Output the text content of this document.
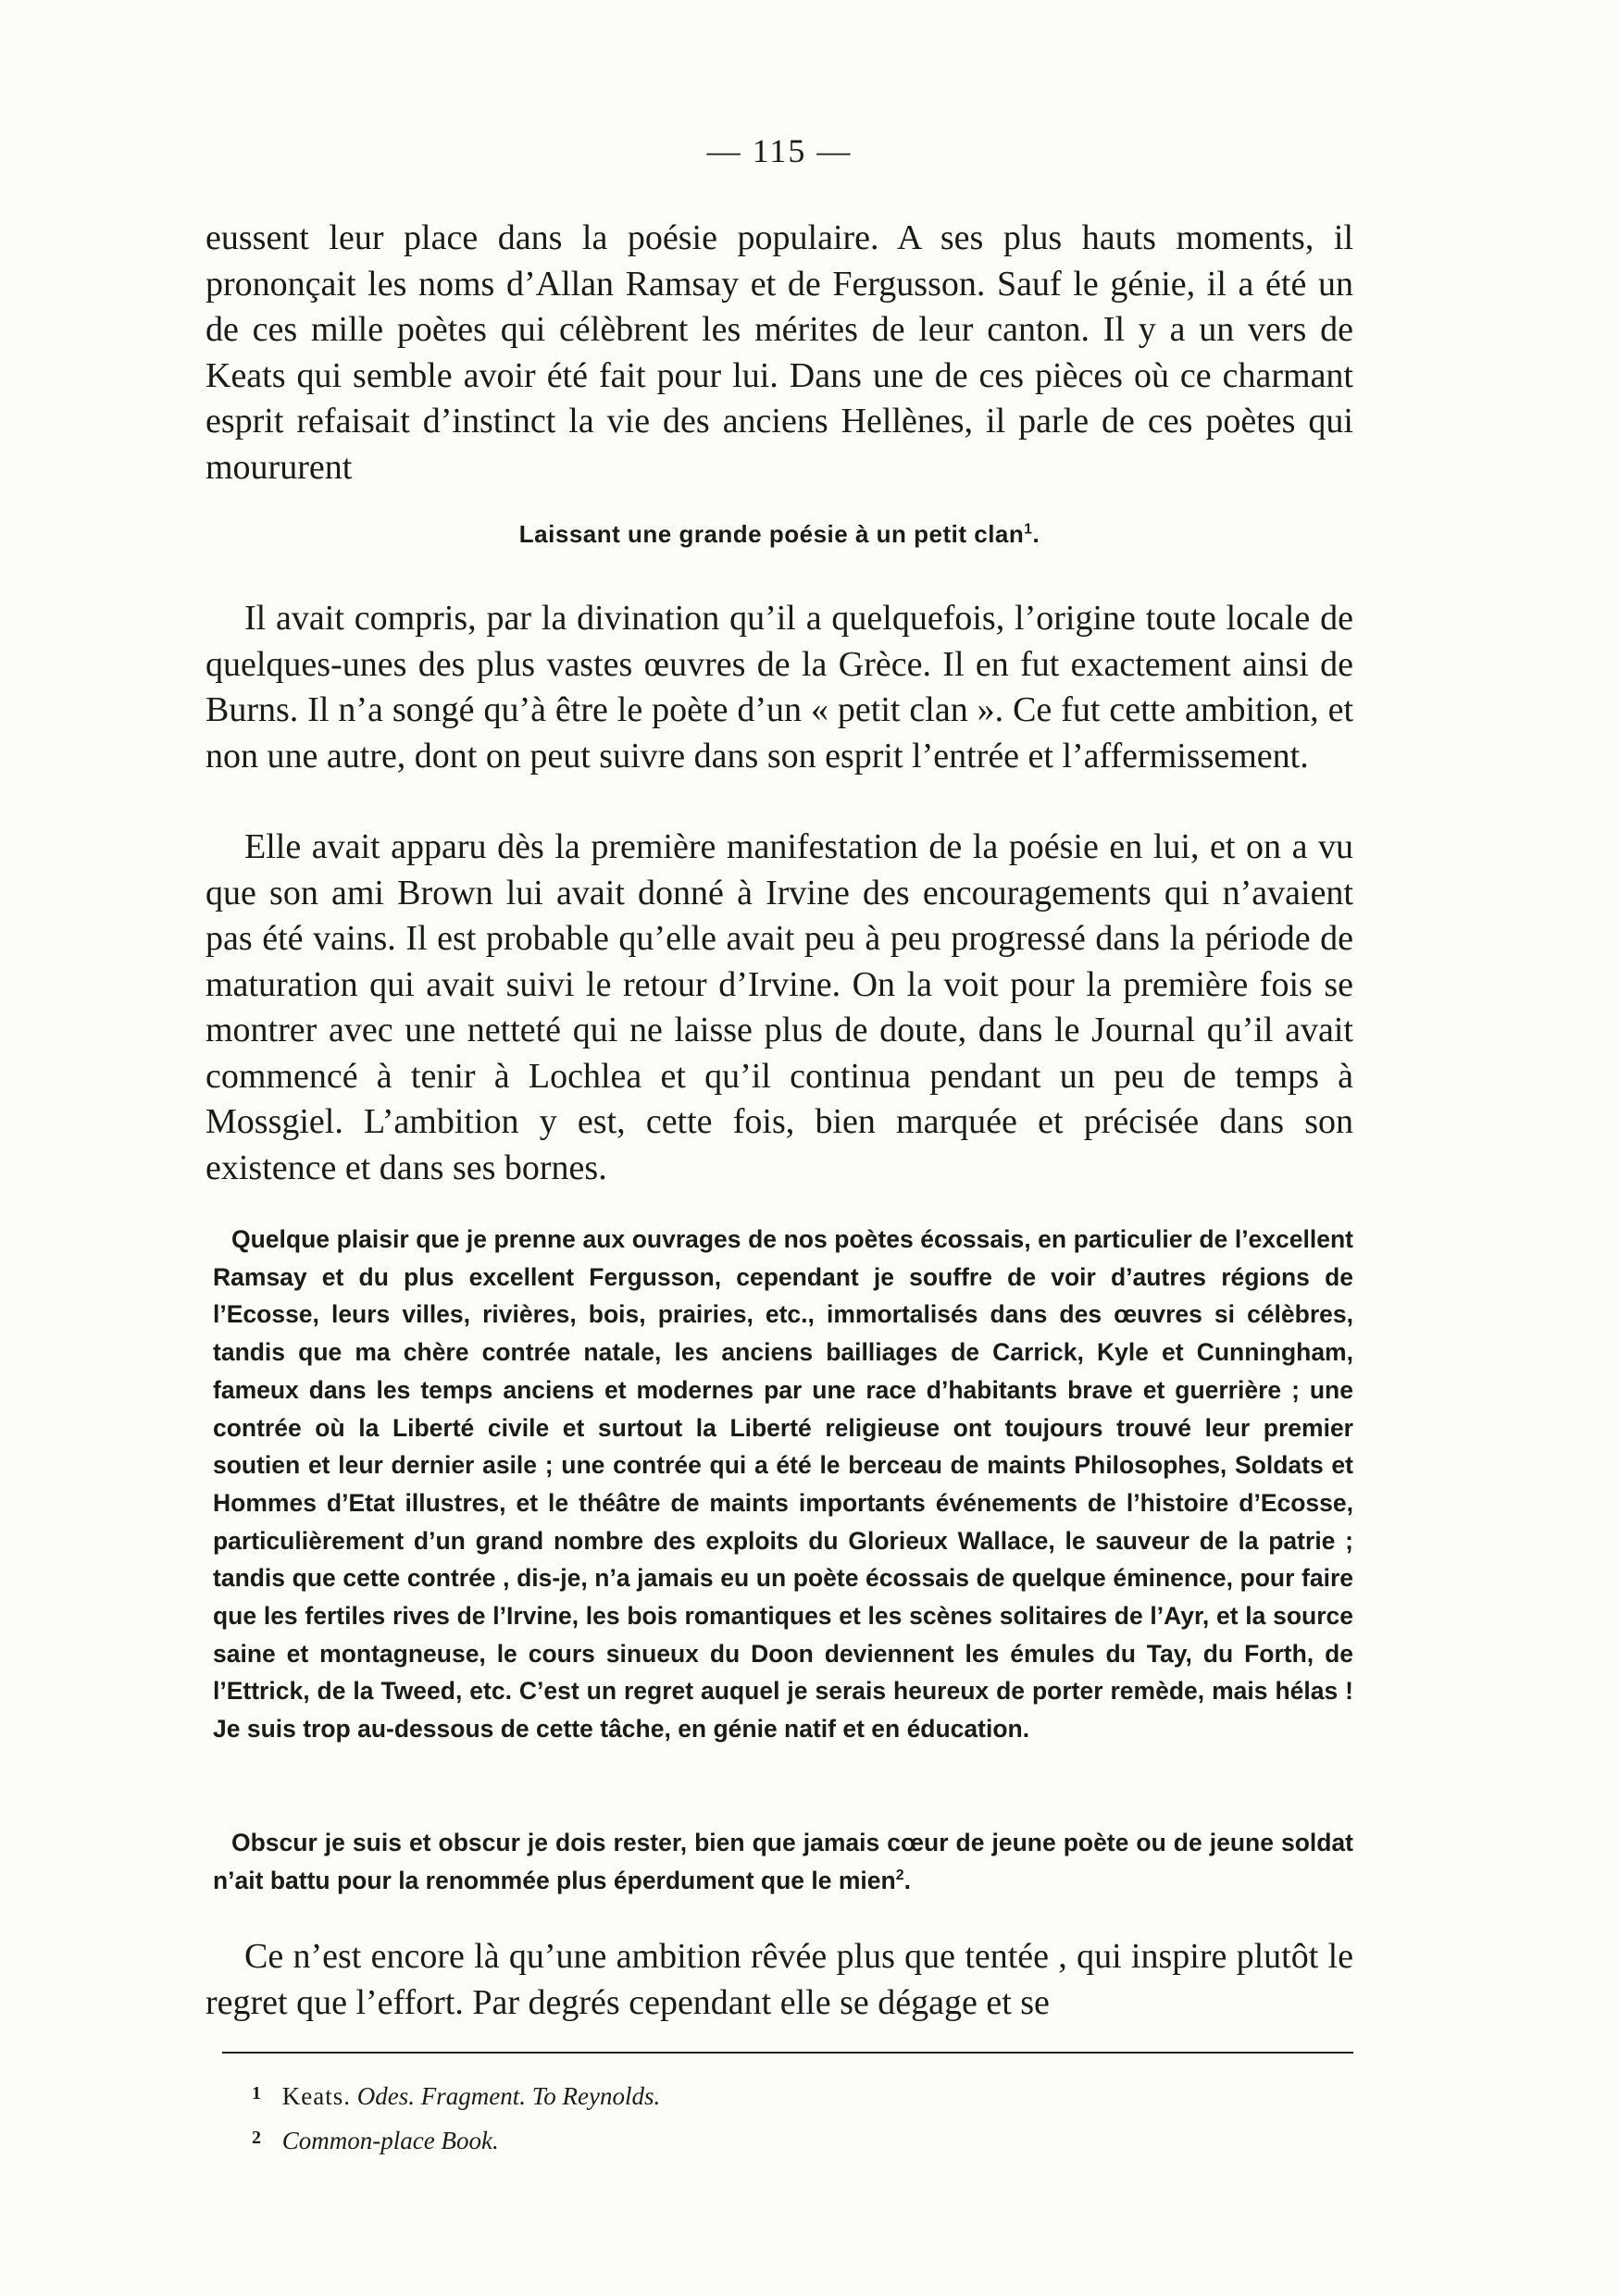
— 115 —

eussent leur place dans la poésie populaire. A ses plus hauts moments, il prononçait les noms d’Allan Ramsay et de Fergusson. Sauf le génie, il a été un de ces mille poètes qui célèbrent les mérites de leur canton. Il y a un vers de Keats qui semble avoir été fait pour lui. Dans une de ces pièces où ce charmant esprit refaisait d’instinct la vie des anciens Hellènes, il parle de ces poètes qui moururent

Laissant une grande poésie à un petit clan$^1$.

Il avait compris, par la divination qu’il a quelquefois, l’origine toute locale de quelques-unes des plus vastes œuvres de la Grèce. Il en fut exactement ainsi de Burns. Il n’a songé qu’à être le poète d’un « petit clan ». Ce fut cette ambition, et non une autre, dont on peut suivre dans son esprit l’entrée et l’affermissement.

Elle avait apparu dès la première manifestation de la poésie en lui, et on a vu que son ami Brown lui avait donné à Irvine des encouragements qui n’avaient pas été vains. Il est probable qu’elle avait peu à peu progressé dans la période de maturation qui avait suivi le retour d’Irvine. On la voit pour la première fois se montrer avec une netteté qui ne laisse plus de doute, dans le Journal qu’il avait commencé à tenir à Lochlea et qu’il continua pendant un peu de temps à Mossgiel. L’ambition y est, cette fois, bien marquée et précisée dans son existence et dans ses bornes.

Quelque plaisir que je prenne aux ouvrages de nos poètes écossais, en particulier de l’excellent Ramsay et du plus excellent Fergusson, cependant je souffre de voir d’autres régions de l’Ecosse, leurs villes, rivières, bois, prairies, etc., immortalisés dans des œuvres si célèbres, tandis que ma chère contrée natale, les anciens bailliages de Carrick, Kyle et Cunningham, fameux dans les temps anciens et modernes par une race d’habitants brave et guerrière ; une contrée où la Liberté civile et surtout la Liberté religieuse ont toujours trouvé leur premier soutien et leur dernier asile ; une contrée qui a été le berceau de maints Philosophes, Soldats et Hommes d’Etat illustres, et le théâtre de maints importants événements de l’histoire d’Ecosse, particulièrement d’un grand nombre des exploits du Glorieux Wallace, le sauveur de la patrie ; tandis que cette contrée , dis-je, n’a jamais eu un poète écossais de quelque éminence, pour faire que les fertiles rives de l’Irvine, les bois romantiques et les scènes solitaires de l’Ayr, et la source saine et montagneuse, le cours sinueux du Doon deviennent les émules du Tay, du Forth, de l’Ettrick, de la Tweed, etc. C’est un regret auquel je serais heureux de porter remède, mais hélas ! Je suis trop au-dessous de cette tâche, en génie natif et en éducation.

Obscur je suis et obscur je dois rester, bien que jamais cœur de jeune poète ou de jeune soldat n’ait battu pour la renommée plus éperdument que le mien$^2$.

Ce n’est encore là qu’une ambition rêvée plus que tentée , qui inspire plutôt le regret que l’effort. Par degrés cependant elle se dégage et se

1 Keats. Odes. Fragment. To Reynolds.
2 Common-place Book.
